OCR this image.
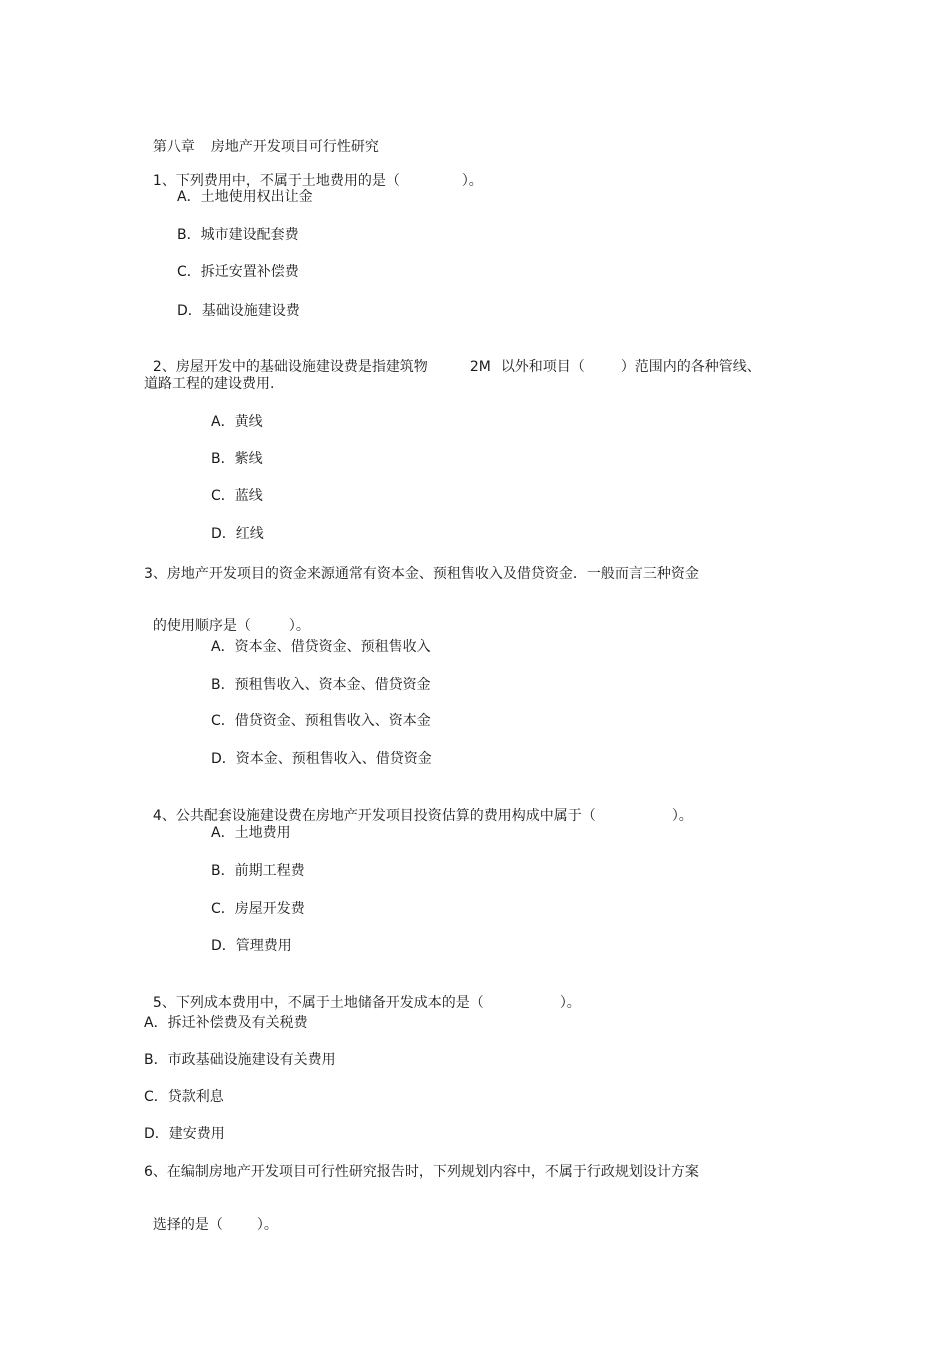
第八章 房地产开发项目可行性研究

1、下列费用中，不属于土地费用的是（	）。

A．土地使用权出让金
B．城市建设配套费
C．拆迁安置补偿费
D．基础设施建设费

2、房屋开发中的基础设施建设费是指建筑物	2M 以外和项目（	）范围内的各种管线、

道路工程的建设费用.
A．黄线
B．紫线
C．蓝线
D．红线
3、房地产开发项目的资金来源通常有资本金、预租售收入及借贷资金．一般而言三种资金

的使用顺序是（	）。

A．资本金、借贷资金、预租售收入
B．预租售收入、资本金、借贷资金
C．借贷资金、预租售收入、资本金
D．资本金、预租售收入、借贷资金

4、公共配套设施建设费在房地产开发项目投资估算的费用构成中属于（	）。

A．土地费用
B．前期工程费
C．房屋开发费
D．管理费用

5、下列成本费用中，不属于土地储备开发成本的是（	）。

A．拆迁补偿费及有关税费
B．市政基础设施建设有关费用
C．贷款利息
D．建安费用
6、在编制房地产开发项目可行性研究报告时，下列规划内容中，不属于行政规划设计方案

选择的是（ ）。
